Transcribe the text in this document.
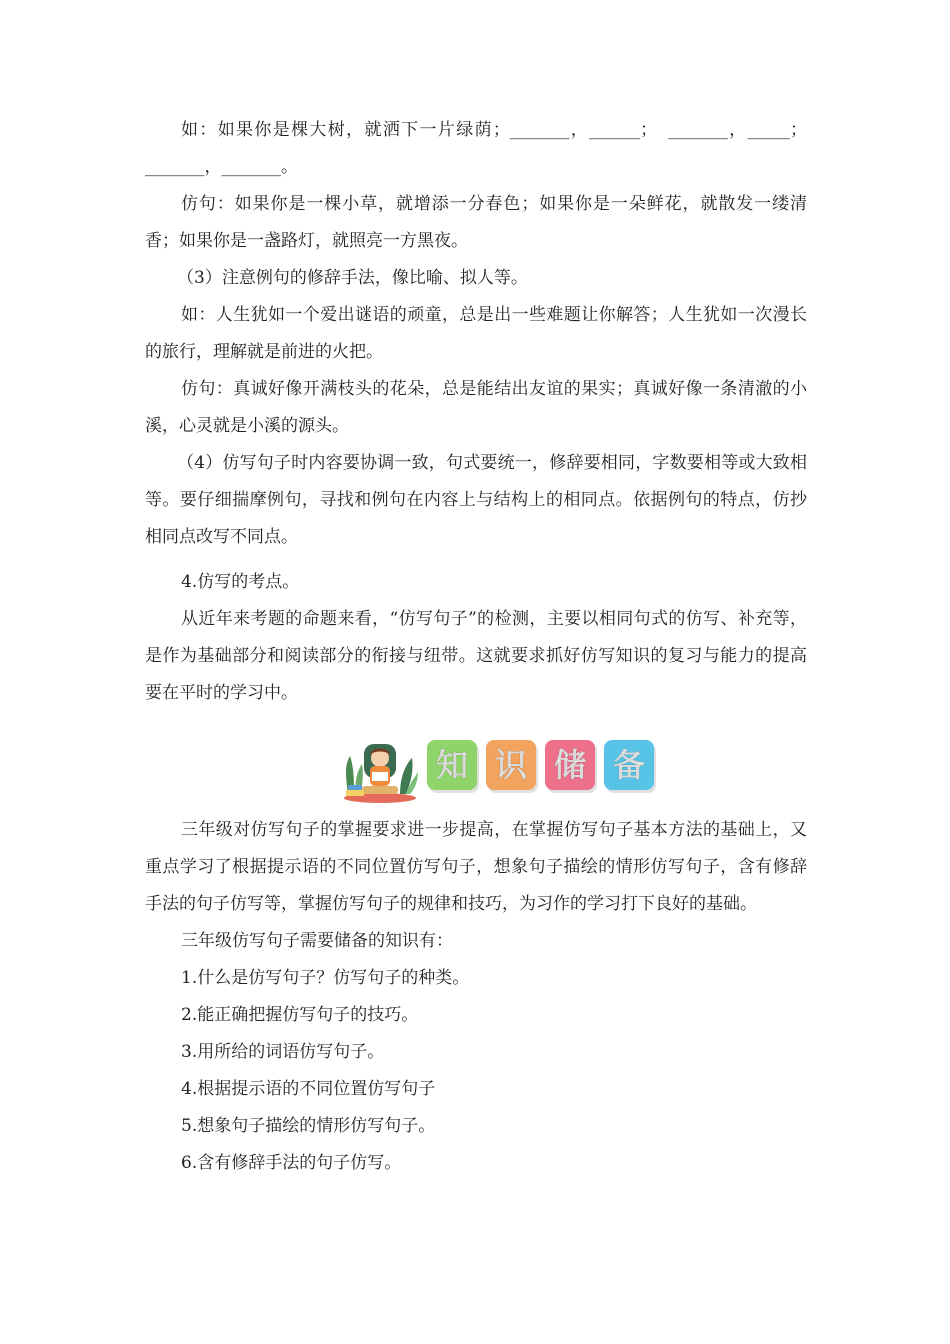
如：如果你是棵大树，就洒下一片绿荫；_______，______；　_______，_____；_______，_______。

仿句：如果你是一棵小草，就增添一分春色；如果你是一朵鲜花，就散发一缕清香；如果你是一盏路灯，就照亮一方黑夜。

（3）注意例句的修辞手法，像比喻、拟人等。

如：人生犹如一个爱出谜语的顽童，总是出一些难题让你解答；人生犹如一次漫长的旅行，理解就是前进的火把。

仿句：真诚好像开满枝头的花朵，总是能结出友谊的果实；真诚好像一条清澈的小溪，心灵就是小溪的源头。

（4）仿写句子时内容要协调一致，句式要统一，修辞要相同，字数要相等或大致相等。要仔细揣摩例句，寻找和例句在内容上与结构上的相同点。依据例句的特点，仿抄相同点改写不同点。

4.仿写的考点。

从近年来考题的命题来看，“仿写句子”的检测，主要以相同句式的仿写、补充等，是作为基础部分和阅读部分的衔接与纽带。这就要求抓好仿写知识的复习与能力的提高要在平时的学习中。

知 识 储 备

三年级对仿写句子的掌握要求进一步提高，在掌握仿写句子基本方法的基础上，又重点学习了根据提示语的不同位置仿写句子，想象句子描绘的情形仿写句子，含有修辞手法的句子仿写等，掌握仿写句子的规律和技巧，为习作的学习打下良好的基础。

三年级仿写句子需要储备的知识有：

1.什么是仿写句子？仿写句子的种类。

2.能正确把握仿写句子的技巧。

3.用所给的词语仿写句子。

4.根据提示语的不同位置仿写句子

5.想象句子描绘的情形仿写句子。

6.含有修辞手法的句子仿写。
